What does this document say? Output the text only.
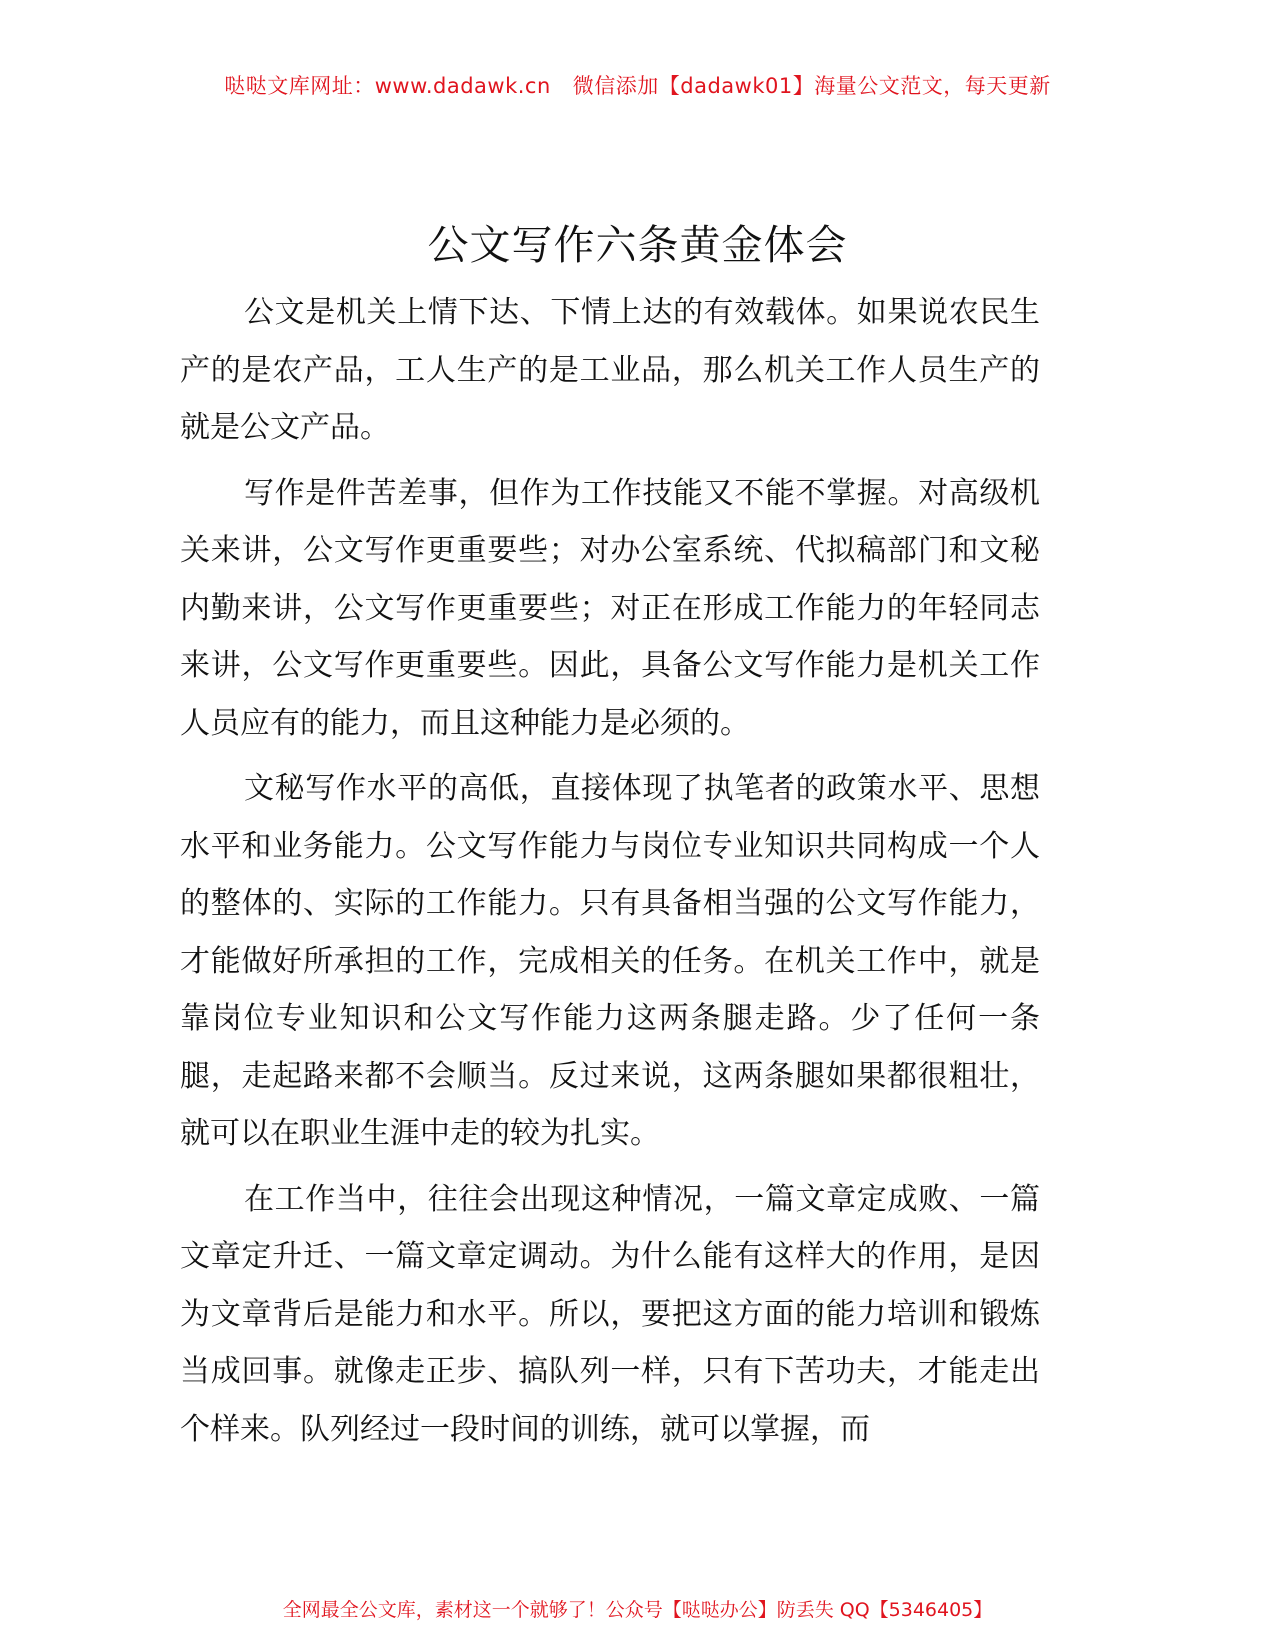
哒哒文库网址：www.dadawk.cn 微信添加【dadawk01】海量公文范文，每天更新
公文写作六条黄金体会

公文是机关上情下达、下情上达的有效载体。如果说农民生产的是农产品，工人生产的是工业品，那么机关工作人员生产的就是公文产品。

写作是件苦差事，但作为工作技能又不能不掌握。对高级机关来讲，公文写作更重要些；对办公室系统、代拟稿部门和文秘内勤来讲，公文写作更重要些；对正在形成工作能力的年轻同志来讲，公文写作更重要些。因此，具备公文写作能力是机关工作人员应有的能力，而且这种能力是必须的。

文秘写作水平的高低，直接体现了执笔者的政策水平、思想水平和业务能力。公文写作能力与岗位专业知识共同构成一个人的整体的、实际的工作能力。只有具备相当强的公文写作能力，才能做好所承担的工作，完成相关的任务。在机关工作中，就是靠岗位专业知识和公文写作能力这两条腿走路。少了任何一条腿，走起路来都不会顺当。反过来说，这两条腿如果都很粗壮，就可以在职业生涯中走的较为扎实。

在工作当中，往往会出现这种情况，一篇文章定成败、一篇文章定升迁、一篇文章定调动。为什么能有这样大的作用，是因为文章背后是能力和水平。所以，要把这方面的能力培训和锻炼当成回事。就像走正步、搞队列一样，只有下苦功夫，才能走出个样来。队列经过一段时间的训练，就可以掌握，而

全网最全公文库，素材这一个就够了！公众号【哒哒办公】防丢失 QQ【5346405】
